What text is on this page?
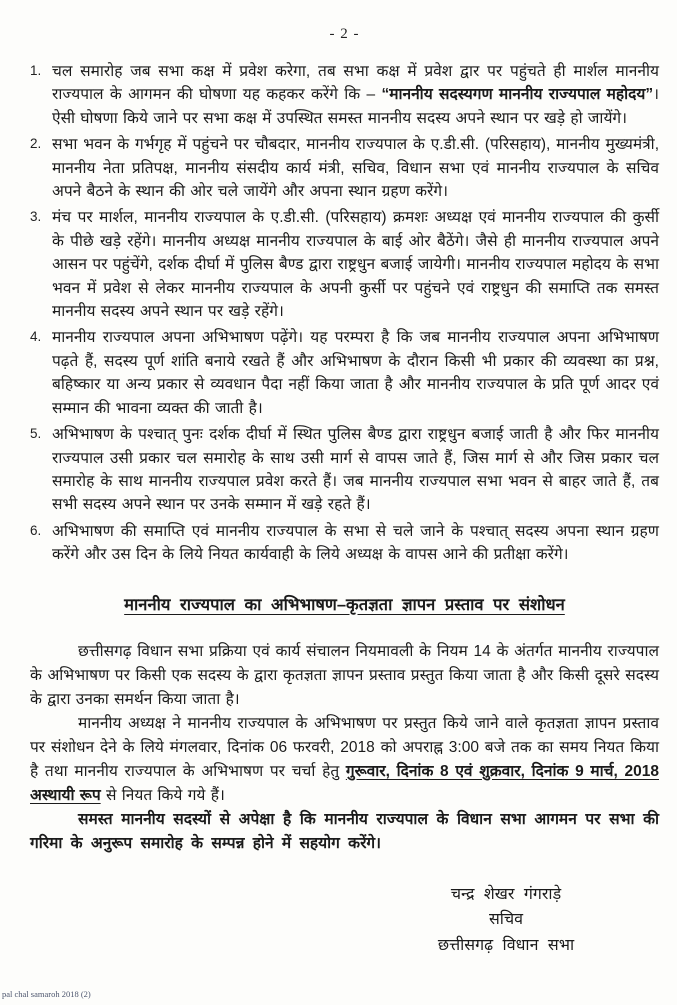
- 2 -
1. चल समारोह जब सभा कक्ष में प्रवेश करेगा, तब सभा कक्ष में प्रवेश द्वार पर पहुंचते ही मार्शल माननीय राज्यपाल के आगमन की घोषणा यह कहकर करेंगे कि – “माननीय सदस्यगण माननीय राज्यपाल महोदय”। ऐसी घोषणा किये जाने पर सभा कक्ष में उपस्थित समस्त माननीय सदस्य अपने स्थान पर खड़े हो जायेंगे।
2. सभा भवन के गर्भगृह में पहुंचने पर चौबदार, माननीय राज्यपाल के ए.डी.सी. (परिसहाय), माननीय मुख्यमंत्री, माननीय नेता प्रतिपक्ष, माननीय संसदीय कार्य मंत्री, सचिव, विधान सभा एवं माननीय राज्यपाल के सचिव अपने बैठने के स्थान की ओर चले जायेंगे और अपना स्थान ग्रहण करेंगे।
3. मंच पर मार्शल, माननीय राज्यपाल के ए.डी.सी. (परिसहाय) क्रमशः अध्यक्ष एवं माननीय राज्यपाल की कुर्सी के पीछे खड़े रहेंगे। माननीय अध्यक्ष माननीय राज्यपाल के बाई ओर बैठेंगे। जैसे ही माननीय राज्यपाल अपने आसन पर पहुंचेंगे, दर्शक दीर्घा में पुलिस बैण्ड द्वारा राष्ट्रधुन बजाई जायेगी। माननीय राज्यपाल महोदय के सभा भवन में प्रवेश से लेकर माननीय राज्यपाल के अपनी कुर्सी पर पहुंचने एवं राष्ट्रधुन की समाप्ति तक समस्त माननीय सदस्य अपने स्थान पर खड़े रहेंगे।
4. माननीय राज्यपाल अपना अभिभाषण पढ़ेंगे। यह परम्परा है कि जब माननीय राज्यपाल अपना अभिभाषण पढ़ते हैं, सदस्य पूर्ण शांति बनाये रखते हैं और अभिभाषण के दौरान किसी भी प्रकार की व्यवस्था का प्रश्न, बहिष्कार या अन्य प्रकार से व्यवधान पैदा नहीं किया जाता है और माननीय राज्यपाल के प्रति पूर्ण आदर एवं सम्मान की भावना व्यक्त की जाती है।
5. अभिभाषण के पश्चात् पुनः दर्शक दीर्घा में स्थित पुलिस बैण्ड द्वारा राष्ट्रधुन बजाई जाती है और फिर माननीय राज्यपाल उसी प्रकार चल समारोह के साथ उसी मार्ग से वापस जाते हैं, जिस मार्ग से और जिस प्रकार चल समारोह के साथ माननीय राज्यपाल प्रवेश करते हैं। जब माननीय राज्यपाल सभा भवन से बाहर जाते हैं, तब सभी सदस्य अपने स्थान पर उनके सम्मान में खड़े रहते हैं।
6. अभिभाषण की समाप्ति एवं माननीय राज्यपाल के सभा से चले जाने के पश्चात् सदस्य अपना स्थान ग्रहण करेंगे और उस दिन के लिये नियत कार्यवाही के लिये अध्यक्ष के वापस आने की प्रतीक्षा करेंगे।
माननीय राज्यपाल का अभिभाषण–कृतज्ञता ज्ञापन प्रस्ताव पर संशोधन

छत्तीसगढ़ विधान सभा प्रक्रिया एवं कार्य संचालन नियमावली के नियम 14 के अंतर्गत माननीय राज्यपाल के अभिभाषण पर किसी एक सदस्य के द्वारा कृतज्ञता ज्ञापन प्रस्ताव प्रस्तुत किया जाता है और किसी दूसरे सदस्य के द्वारा उनका समर्थन किया जाता है।

माननीय अध्यक्ष ने माननीय राज्यपाल के अभिभाषण पर प्रस्तुत किये जाने वाले कृतज्ञता ज्ञापन प्रस्ताव पर संशोधन देने के लिये मंगलवार, दिनांक 06 फरवरी, 2018 को अपराह्न 3:00 बजे तक का समय नियत किया है तथा माननीय राज्यपाल के अभिभाषण पर चर्चा हेतु गुरूवार, दिनांक 8 एवं शुक्रवार, दिनांक 9 मार्च, 2018 अस्थायी रूप से नियत किये गये हैं।

समस्त माननीय सदस्यों से अपेक्षा है कि माननीय राज्यपाल के विधान सभा आगमन पर सभा की गरिमा के अनुरूप समारोह के सम्पन्न होने में सहयोग करेंगे।

चन्द्र शेखर गंगराड़े
सचिव
छत्तीसगढ़ विधान सभा
pal chal samaroh 2018 (2)
